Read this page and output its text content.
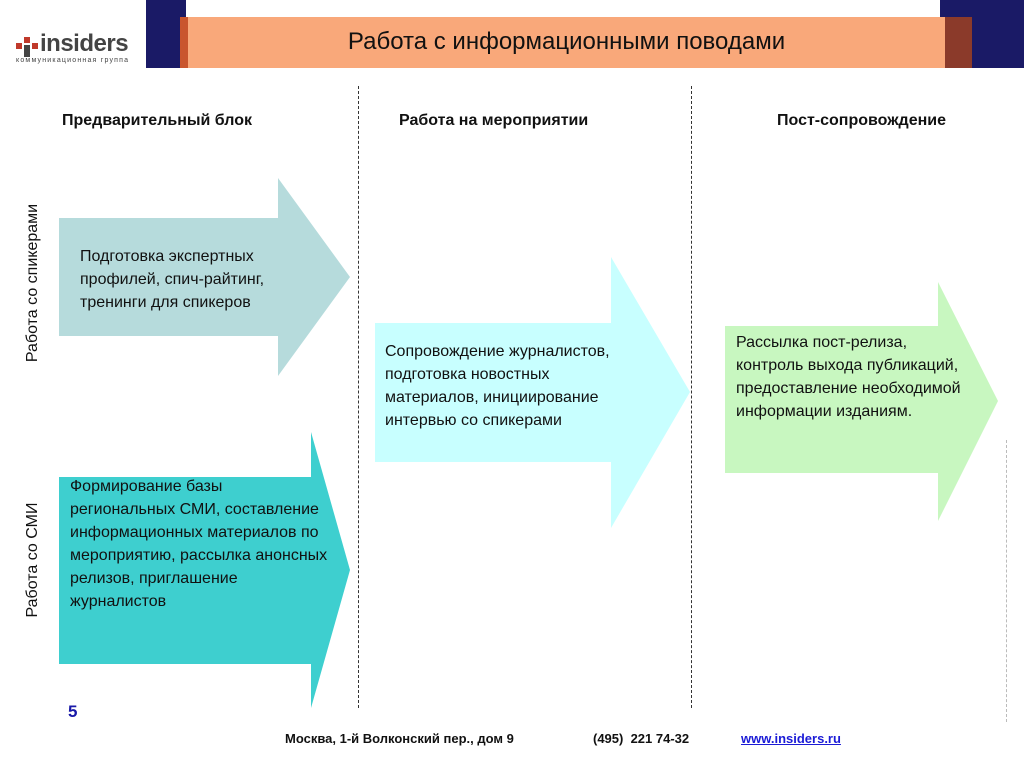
Работа с информационными поводами
insiders
коммуникационная группа
Предварительный блок	Работа на мероприятии	Пост-сопровождение
Работа со спикерами
Работа со СМИ
Подготовка экспертных профилей, спич-райтинг, тренинги для спикеров
Формирование базы региональных СМИ, составление информационных материалов по мероприятию, рассылка анонсных релизов, приглашение журналистов
Сопровождение журналистов, подготовка новостных материалов, инициирование интервью со спикерами
Рассылка пост-релиза, контроль выхода публикаций, предоставление необходимой информации изданиям.
5
Москва, 1-й Волконский пер., дом 9	(495)  221 74-32	www.insiders.ru
